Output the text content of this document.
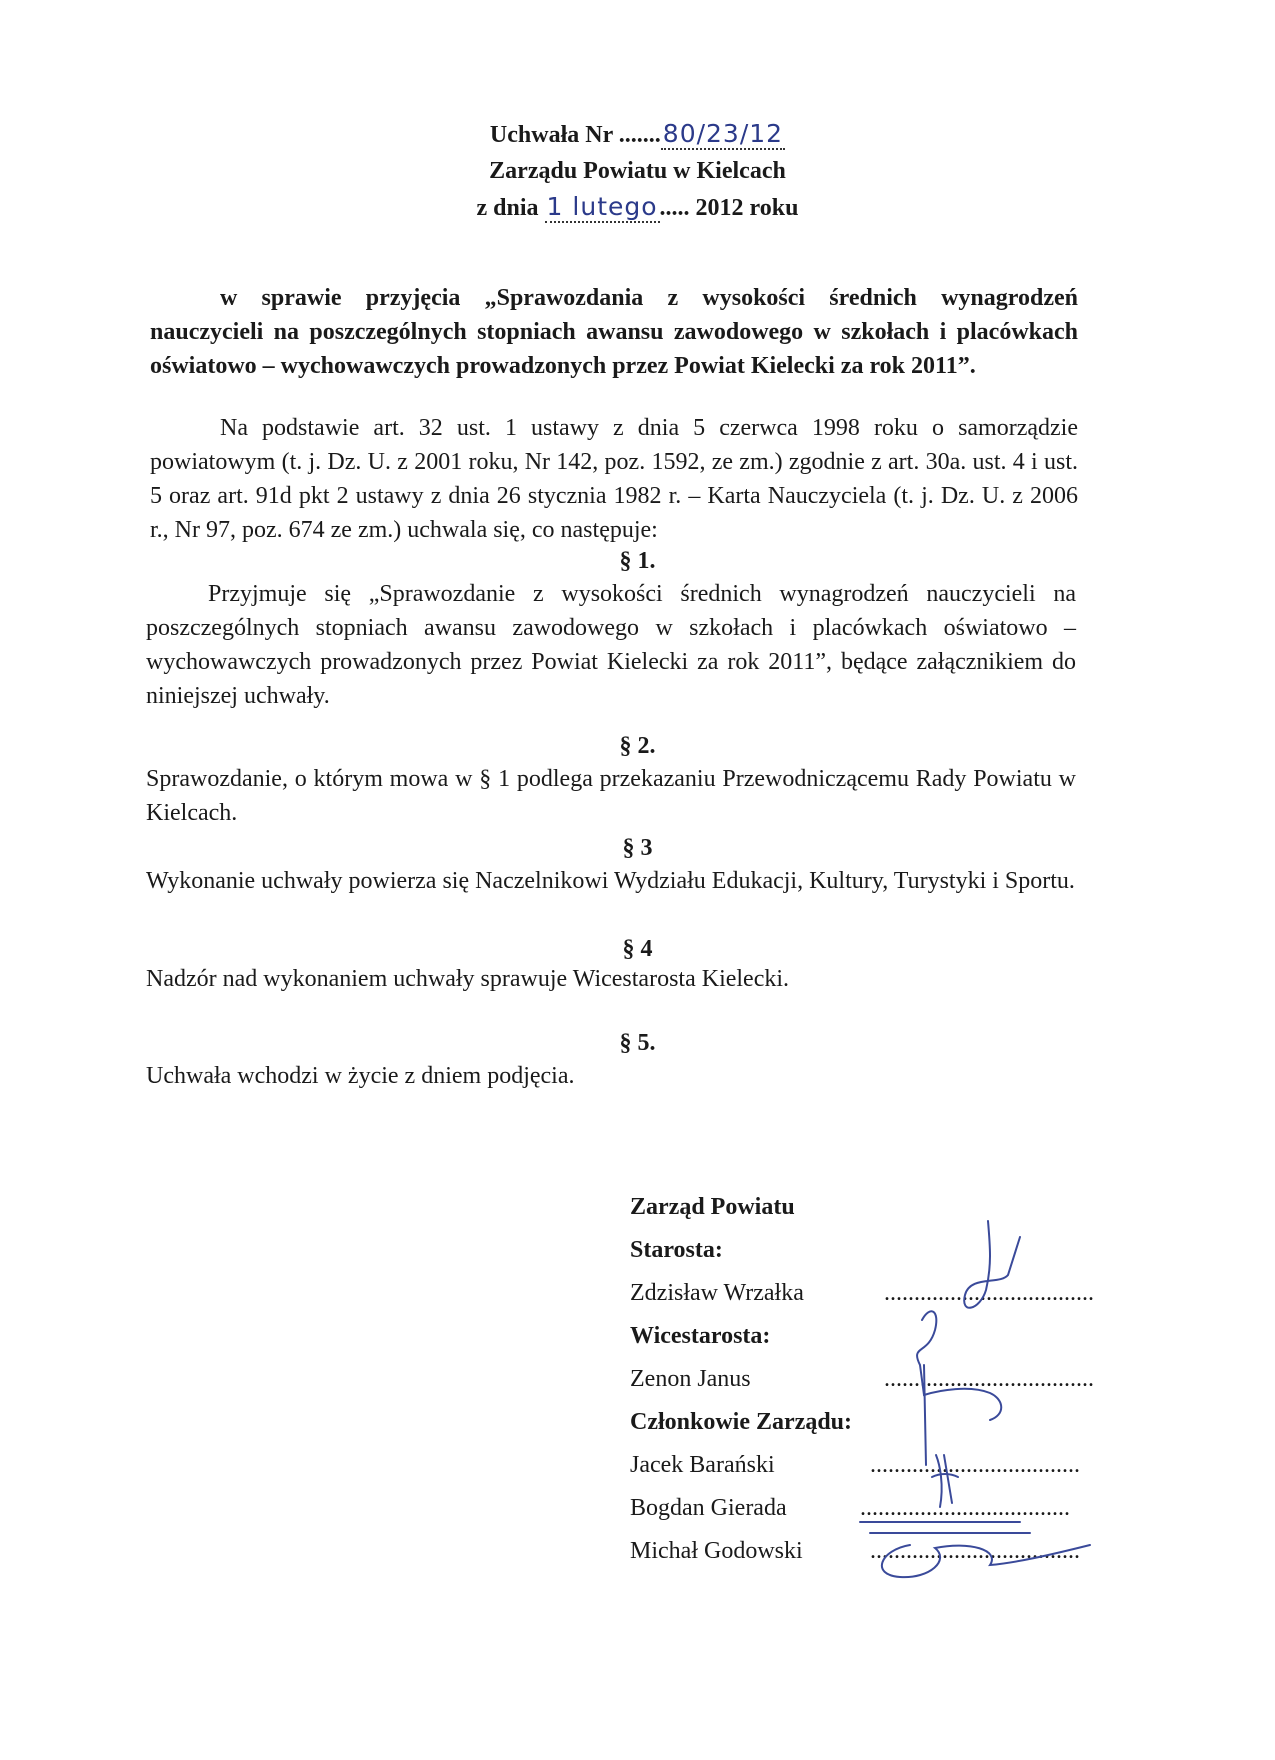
Uchwała Nr .......80/23/12
Zarządu Powiatu w Kielcach
z dnia 1 lutego..... 2012 roku
w sprawie przyjęcia „Sprawozdania z wysokości średnich wynagrodzeń
nauczycieli na poszczególnych stopniach awansu zawodowego w szkołach i placówkach
oświatowo – wychowawczych prowadzonych przez Powiat Kielecki za rok 2011”.
Na podstawie art. 32 ust. 1 ustawy z dnia 5 czerwca 1998 roku o samorządzie powiatowym (t. j. Dz. U. z 2001 roku, Nr 142, poz. 1592, ze zm.) zgodnie z art. 30a. ust. 4 i ust. 5 oraz art. 91d pkt 2 ustawy z dnia 26 stycznia 1982 r. – Karta Nauczyciela (t. j. Dz. U. z 2006 r., Nr 97, poz. 674 ze zm.) uchwala się, co następuje:
§ 1.
Przyjmuje się „Sprawozdanie z wysokości średnich wynagrodzeń nauczycieli na poszczególnych stopniach awansu zawodowego w szkołach i placówkach oświatowo – wychowawczych prowadzonych przez Powiat Kielecki za rok 2011”, będące załącznikiem do niniejszej uchwały.
§ 2.
Sprawozdanie, o którym mowa w § 1 podlega przekazaniu Przewodniczącemu Rady Powiatu w Kielcach.
§ 3
Wykonanie uchwały powierza się Naczelnikowi Wydziału Edukacji, Kultury, Turystyki i Sportu.
§ 4
Nadzór nad wykonaniem uchwały sprawuje Wicestarosta Kielecki.
§ 5.
Uchwała wchodzi w życie z dniem podjęcia.
Zarząd Powiatu
Starosta:
Zdzisław Wrzałka	...................................
Wicestarosta:
Zenon Janus	...................................
Członkowie Zarządu:
Jacek Barański	...................................
Bogdan Gierada	...................................
Michał Godowski	...................................
